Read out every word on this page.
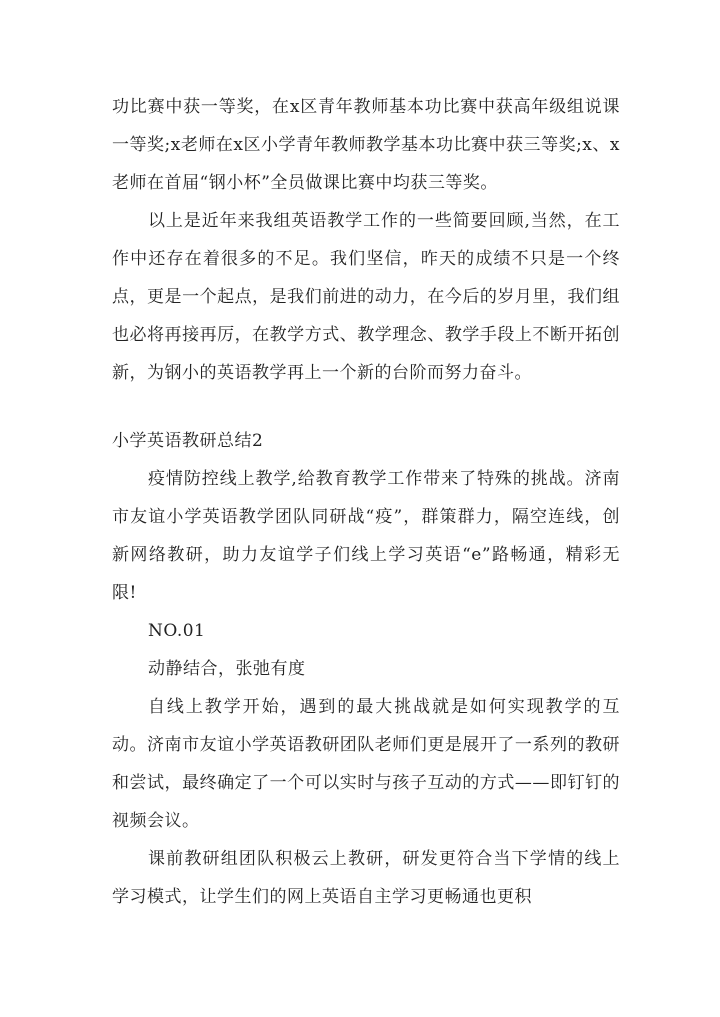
功比赛中获一等奖，在x区青年教师基本功比赛中获高年级组说课一等奖;x老师在x区小学青年教师教学基本功比赛中获三等奖;x、x老师在首届“钢小杯”全员做课比赛中均获三等奖。

以上是近年来我组英语教学工作的一些简要回顾,当然，在工作中还存在着很多的不足。我们坚信，昨天的成绩不只是一个终点，更是一个起点，是我们前进的动力，在今后的岁月里，我们组也必将再接再厉，在教学方式、教学理念、教学手段上不断开拓创新，为钢小的英语教学再上一个新的台阶而努力奋斗。

小学英语教研总结2

疫情防控线上教学,给教育教学工作带来了特殊的挑战。济南市友谊小学英语教学团队同研战“疫”，群策群力，隔空连线，创新网络教研，助力友谊学子们线上学习英语“e”路畅通，精彩无限!

NO.01

动静结合，张弛有度

自线上教学开始，遇到的最大挑战就是如何实现教学的互动。济南市友谊小学英语教研团队老师们更是展开了一系列的教研和尝试，最终确定了一个可以实时与孩子互动的方式——即钉钉的视频会议。

课前教研组团队积极云上教研，研发更符合当下学情的线上学习模式，让学生们的网上英语自主学习更畅通也更积
